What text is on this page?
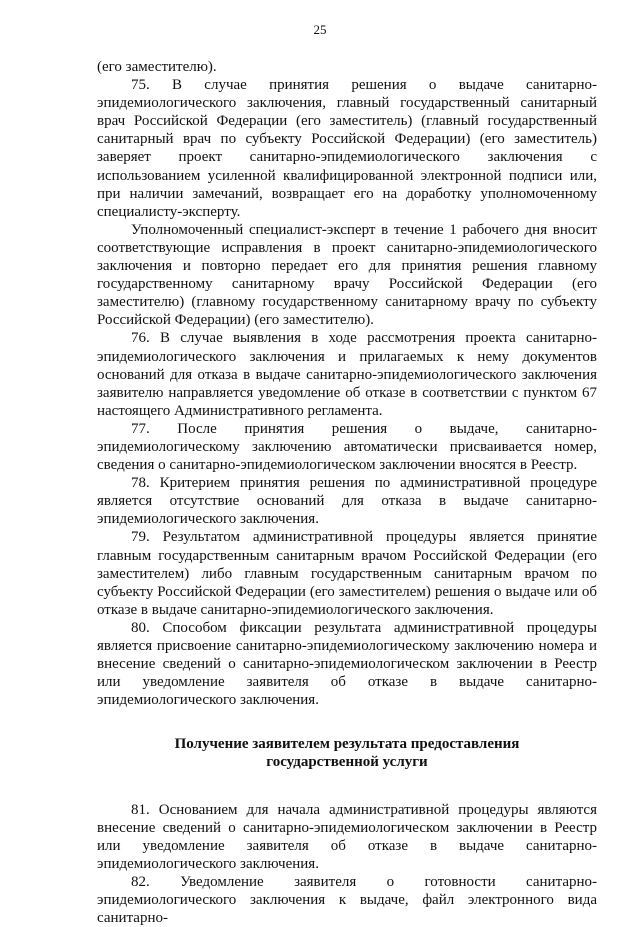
25

(его заместителю).

75. В случае принятия решения о выдаче санитарно-эпидемиологического заключения, главный государственный санитарный врач Российской Федерации (его заместитель) (главный государственный санитарный врач по субъекту Российской Федерации) (его заместитель) заверяет проект санитарно-эпидемиологического заключения с использованием усиленной квалифицированной электронной подписи или, при наличии замечаний, возвращает его на доработку уполномоченному специалисту-эксперту.

Уполномоченный специалист-эксперт в течение 1 рабочего дня вносит соответствующие исправления в проект санитарно-эпидемиологического заключения и повторно передает его для принятия решения главному государственному санитарному врачу Российской Федерации (его заместителю) (главному государственному санитарному врачу по субъекту Российской Федерации) (его заместителю).

76. В случае выявления в ходе рассмотрения проекта санитарно-эпидемиологического заключения и прилагаемых к нему документов оснований для отказа в выдаче санитарно-эпидемиологического заключения заявителю направляется уведомление об отказе в соответствии с пунктом 67 настоящего Административного регламента.

77. После принятия решения о выдаче, санитарно-эпидемиологическому заключению автоматически присваивается номер, сведения о санитарно-эпидемиологическом заключении вносятся в Реестр.

78. Критерием принятия решения по административной процедуре является отсутствие оснований для отказа в выдаче санитарно-эпидемиологического заключения.

79. Результатом административной процедуры является принятие главным государственным санитарным врачом Российской Федерации (его заместителем) либо главным государственным санитарным врачом по субъекту Российской Федерации (его заместителем) решения о выдаче или об отказе в выдаче санитарно-эпидемиологического заключения.

80. Способом фиксации результата административной процедуры является присвоение санитарно-эпидемиологическому заключению номера и внесение сведений о санитарно-эпидемиологическом заключении в Реестр или уведомление заявителя об отказе в выдаче санитарно-эпидемиологического заключения.

Получение заявителем результата предоставления
государственной услуги

81. Основанием для начала административной процедуры являются внесение сведений о санитарно-эпидемиологическом заключении в Реестр или уведомление заявителя об отказе в выдаче санитарно-эпидемиологического заключения.

82. Уведомление заявителя о готовности санитарно-эпидемиологического заключения к выдаче, файл электронного вида санитарно-
